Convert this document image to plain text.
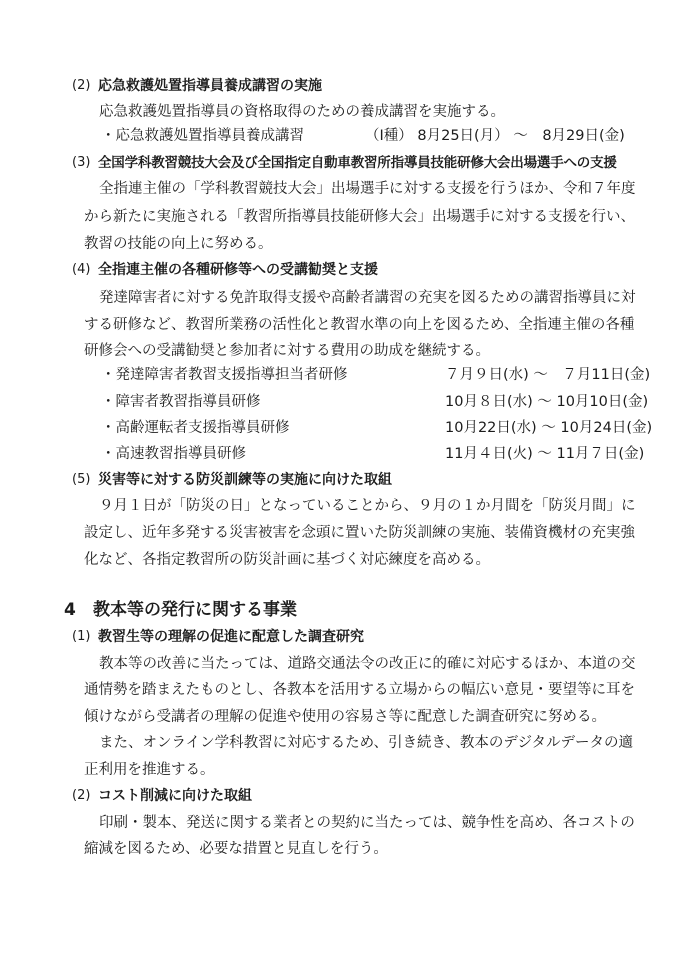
(2) 応急救護処置指導員養成講習の実施
応急救護処置指導員の資格取得のための養成講習を実施する。
・応急救護処置指導員養成講習	（Ⅰ種） 8月25日(月） ～　8月29日(金)
(3) 全国学科教習競技大会及び全国指定自動車教習所指導員技能研修大会出場選手への支援
全指連主催の「学科教習競技大会」出場選手に対する支援を行うほか、令和７年度
から新たに実施される「教習所指導員技能研修大会」出場選手に対する支援を行い、
教習の技能の向上に努める。
(4) 全指連主催の各種研修等への受講勧奨と支援
発達障害者に対する免許取得支援や高齢者講習の充実を図るための講習指導員に対
する研修など、教習所業務の活性化と教習水準の向上を図るため、全指連主催の各種
研修会への受講勧奨と参加者に対する費用の助成を継続する。
・発達障害者教習支援指導担当者研修	７月９日(水) ～　７月11日(金)
・障害者教習指導員研修	10月８日(水) ～ 10月10日(金)
・高齢運転者支援指導員研修	10月22日(水) ～ 10月24日(金)
・高速教習指導員研修	11月４日(火) ～ 11月７日(金)
(5) 災害等に対する防災訓練等の実施に向けた取組
９月１日が「防災の日」となっていることから、９月の１か月間を「防災月間」に
設定し、近年多発する災害被害を念頭に置いた防災訓練の実施、装備資機材の充実強
化など、各指定教習所の防災計画に基づく対応練度を高める。
4 教本等の発行に関する事業
(1) 教習生等の理解の促進に配意した調査研究
教本等の改善に当たっては、道路交通法令の改正に的確に対応するほか、本道の交
通情勢を踏まえたものとし、各教本を活用する立場からの幅広い意見・要望等に耳を
傾けながら受講者の理解の促進や使用の容易さ等に配意した調査研究に努める。
また、オンライン学科教習に対応するため、引き続き、教本のデジタルデータの適
正利用を推進する。
(2) コスト削減に向けた取組
印刷・製本、発送に関する業者との契約に当たっては、競争性を高め、各コストの
縮減を図るため、必要な措置と見直しを行う。
